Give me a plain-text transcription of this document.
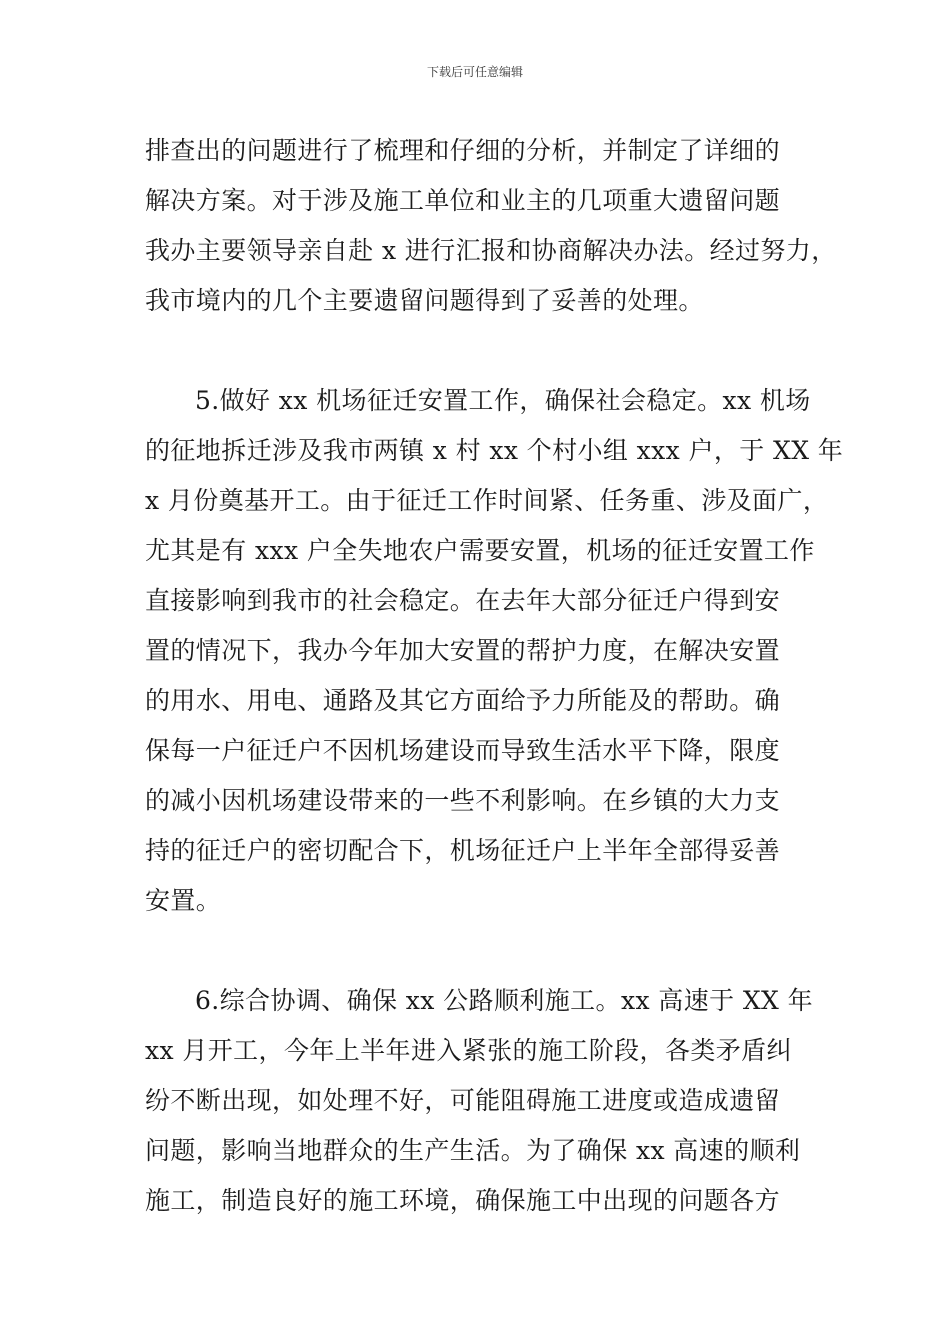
下载后可任意编辑
排查出的问题进行了梳理和仔细的分析，并制定了详细的
解决方案。对于涉及施工单位和业主的几项重大遗留问题
我办主要领导亲自赴 x 进行汇报和协商解决办法。经过努力，
我市境内的几个主要遗留问题得到了妥善的处理。
5.做好 xx 机场征迁安置工作，确保社会稳定。xx 机场
的征地拆迁涉及我市两镇 x 村 xx 个村小组 xxx 户，于 XX 年
x 月份奠基开工。由于征迁工作时间紧、任务重、涉及面广，
尤其是有 xxx 户全失地农户需要安置，机场的征迁安置工作
直接影响到我市的社会稳定。在去年大部分征迁户得到安
置的情况下，我办今年加大安置的帮护力度，在解决安置
的用水、用电、通路及其它方面给予力所能及的帮助。确
保每一户征迁户不因机场建设而导致生活水平下降，限度
的减小因机场建设带来的一些不利影响。在乡镇的大力支
持的征迁户的密切配合下，机场征迁户上半年全部得妥善
安置。
6.综合协调、确保 xx 公路顺利施工。xx 高速于 XX 年
xx 月开工，今年上半年进入紧张的施工阶段，各类矛盾纠
纷不断出现，如处理不好，可能阻碍施工进度或造成遗留
问题，影响当地群众的生产生活。为了确保 xx 高速的顺利
施工，制造良好的施工环境，确保施工中出现的问题各方
